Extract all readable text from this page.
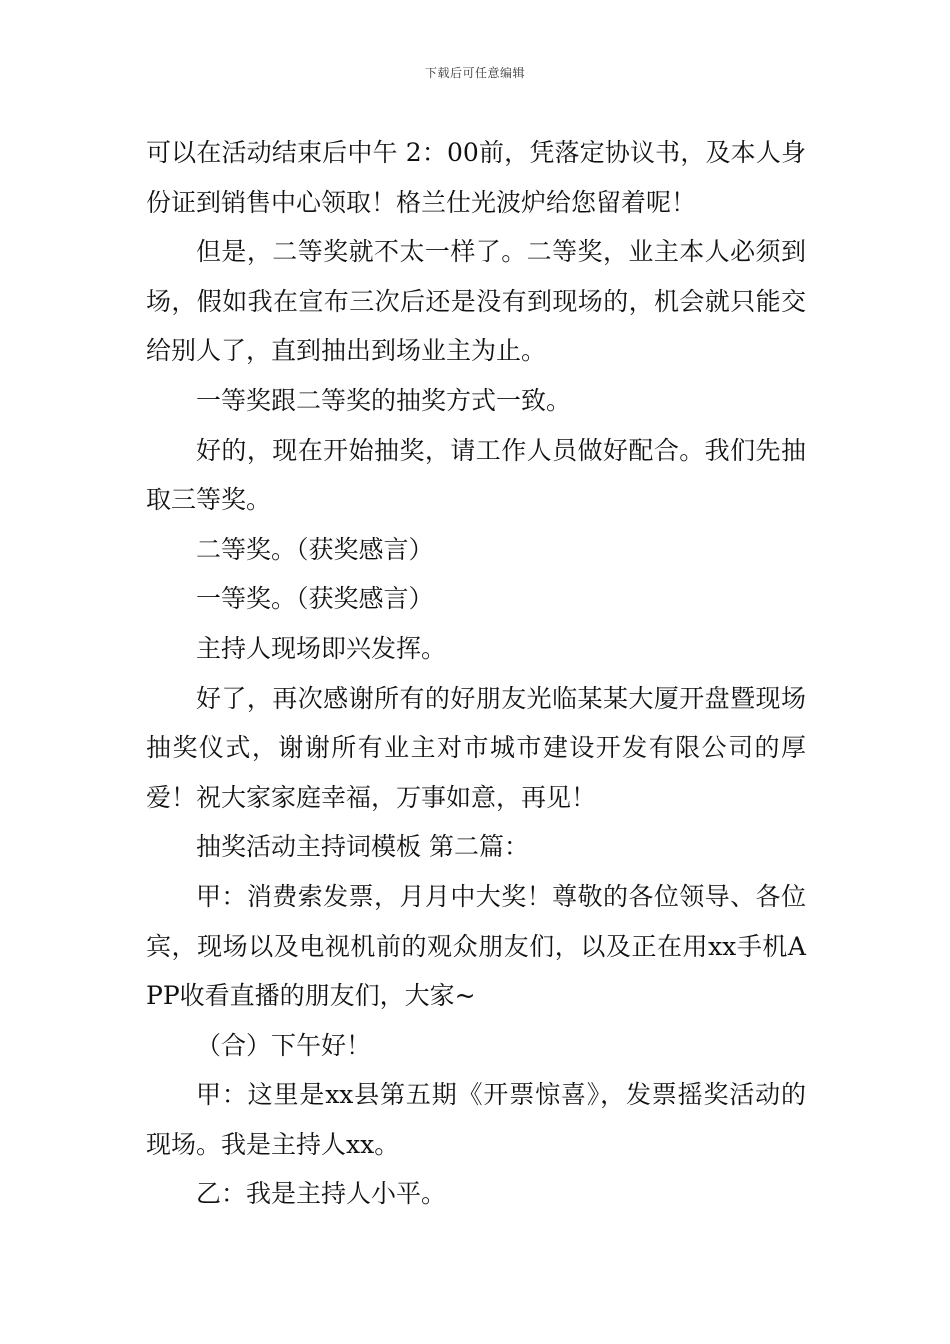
下载后可任意编辑

可以在活动结束后中午 2：00前，凭落定协议书，及本人身份证到销售中心领取！格兰仕光波炉给您留着呢！

但是，二等奖就不太一样了。二等奖，业主本人必须到场，假如我在宣布三次后还是没有到现场的，机会就只能交给别人了，直到抽出到场业主为止。

一等奖跟二等奖的抽奖方式一致。

好的，现在开始抽奖，请工作人员做好配合。我们先抽取三等奖。

二等奖。（获奖感言）

一等奖。（获奖感言）

主持人现场即兴发挥。

好了，再次感谢所有的好朋友光临某某大厦开盘暨现场抽奖仪式，谢谢所有业主对市城市建设开发有限公司的厚爱！祝大家家庭幸福，万事如意，再见！

抽奖活动主持词模板 第二篇：

甲：消费索发票，月月中大奖！尊敬的各位领导、各位宾，现场以及电视机前的观众朋友们，以及正在用xx手机APP收看直播的朋友们，大家~

（合）下午好！

甲：这里是xx县第五期《开票惊喜》，发票摇奖活动的现场。我是主持人xx。

乙：我是主持人小平。
